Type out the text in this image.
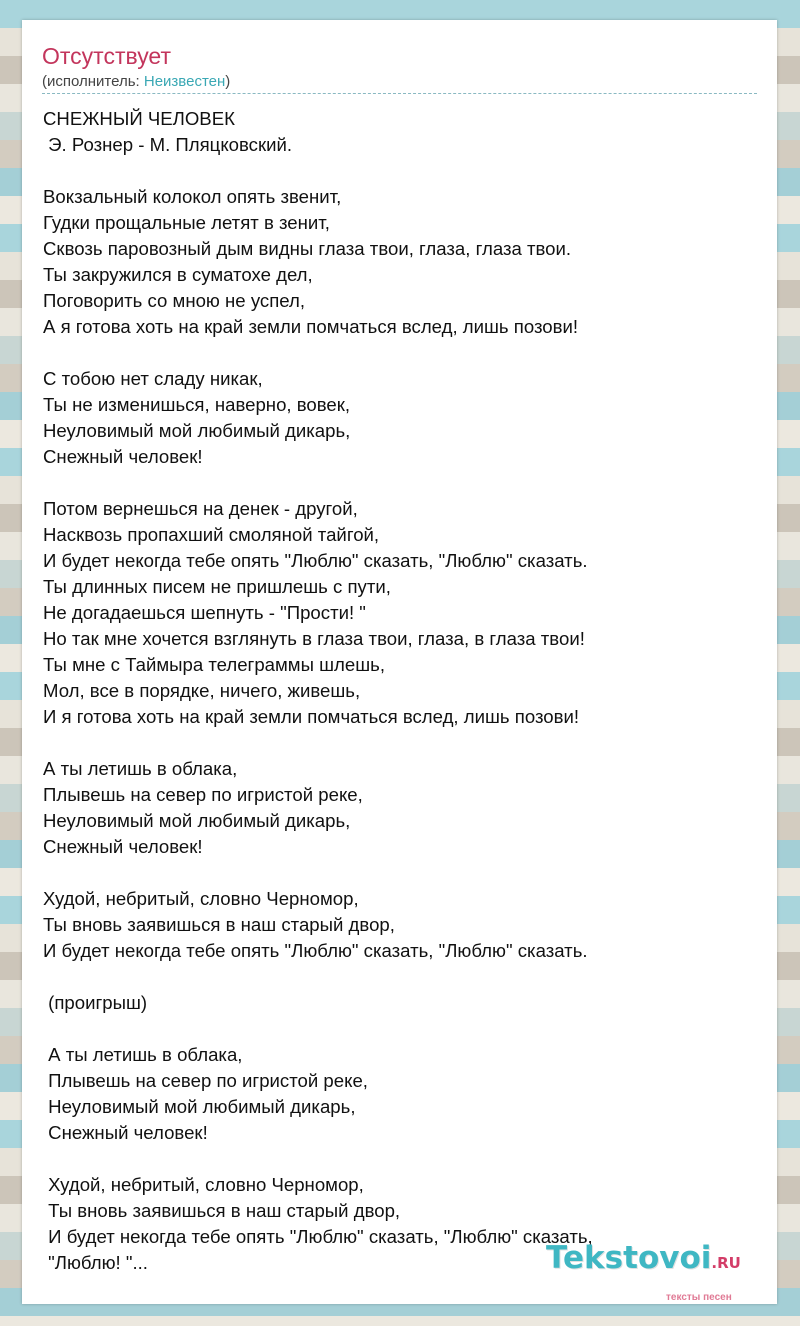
Отсутствует
(исполнитель: Неизвестен)
СНЕЖНЫЙ ЧЕЛОВЕК
Э. Рознер - М. Пляцковский.

Вокзальный колокол опять звенит,
Гудки прощальные летят в зенит,
Сквозь паровозный дым видны глаза твои, глаза, глаза твои.
Ты закружился в суматохе дел,
Поговорить со мною не успел,
А я готова хоть на край земли помчаться вслед, лишь позови!

С тобою нет сладу никак,
Ты не изменишься, наверно, вовек,
Неуловимый мой любимый дикарь,
Снежный человек!

Потом вернешься на денек - другой,
Насквозь пропахший смоляной тайгой,
И будет некогда тебе опять "Люблю" сказать, "Люблю" сказать.
Ты длинных писем не пришлешь с пути,
Не догадаешься шепнуть - "Прости! "
Но так мне хочется взглянуть в глаза твои, глаза, в глаза твои!
Ты мне с Таймыра телеграммы шлешь,
Мол, все в порядке, ничего, живешь,
И я готова хоть на край земли помчаться вслед, лишь позови!

А ты летишь в облака,
Плывешь на север по игристой реке,
Неуловимый мой любимый дикарь,
Снежный человек!

Худой, небритый, словно Черномор,
Ты вновь заявишься в наш старый двор,
И будет некогда тебе опять "Люблю" сказать, "Люблю" сказать.

(проигрыш)

А ты летишь в облака,
Плывешь на север по игристой реке,
Неуловимый мой любимый дикарь,
Снежный человек!

Худой, небритый, словно Черномор,
Ты вновь заявишься в наш старый двор,
И будет некогда тебе опять "Люблю" сказать, "Люблю" сказать,
"Люблю! "...	Tekstovoi.RU
тексты песен
